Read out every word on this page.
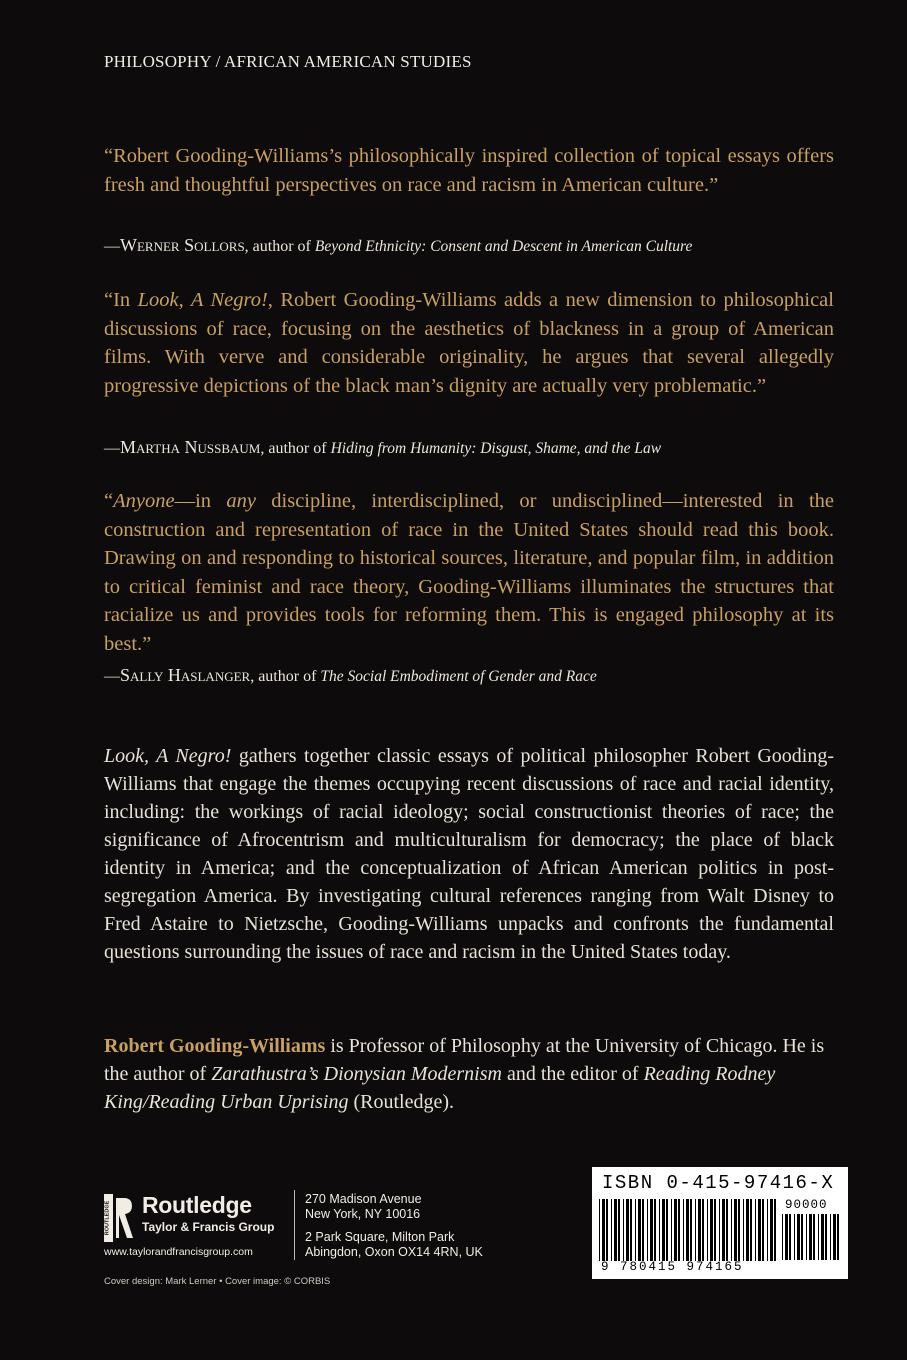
PHILOSOPHY / AFRICAN AMERICAN STUDIES
“Robert Gooding-Williams’s philosophically inspired collection of topical essays offers fresh and thoughtful perspectives on race and racism in American culture.”
—Werner Sollors, author of Beyond Ethnicity: Consent and Descent in American Culture
“In Look, A Negro!, Robert Gooding-Williams adds a new dimension to philosophical discussions of race, focusing on the aesthetics of blackness in a group of American films. With verve and considerable originality, he argues that several allegedly progressive depictions of the black man’s dignity are actually very problematic.”
—Martha Nussbaum, author of Hiding from Humanity: Disgust, Shame, and the Law
“Anyone—in any discipline, interdisciplined, or undisciplined—interested in the construction and representation of race in the United States should read this book. Drawing on and responding to historical sources, literature, and popular film, in addition to critical feminist and race theory, Gooding-Williams illuminates the structures that racialize us and provides tools for reforming them. This is engaged philosophy at its best.”
—Sally Haslanger, author of The Social Embodiment of Gender and Race
Look, A Negro! gathers together classic essays of political philosopher Robert Gooding-Williams that engage the themes occupying recent discussions of race and racial identity, including: the workings of racial ideology; social constructionist theories of race; the significance of Afrocentrism and multiculturalism for democracy; the place of black identity in America; and the conceptualization of African American politics in post-segregation America. By investigating cultural references ranging from Walt Disney to Fred Astaire to Nietzsche, Gooding-Williams unpacks and confronts the fundamental questions surrounding the issues of race and racism in the United States today.
Robert Gooding-Williams is Professor of Philosophy at the University of Chicago. He is the author of Zarathustra’s Dionysian Modernism and the editor of Reading Rodney King/Reading Urban Uprising (Routledge).
ROUTLEDGE Routledge
Taylor & Francis Group
www.taylorandfrancisgroup.com
270 Madison Avenue
New York, NY 10016
2 Park Square, Milton Park
Abingdon, Oxon OX14 4RN, UK
Cover design: Mark Lerner • Cover image: © CORBIS
ISBN 0-415-97416-X
90000
9 780415 974165
